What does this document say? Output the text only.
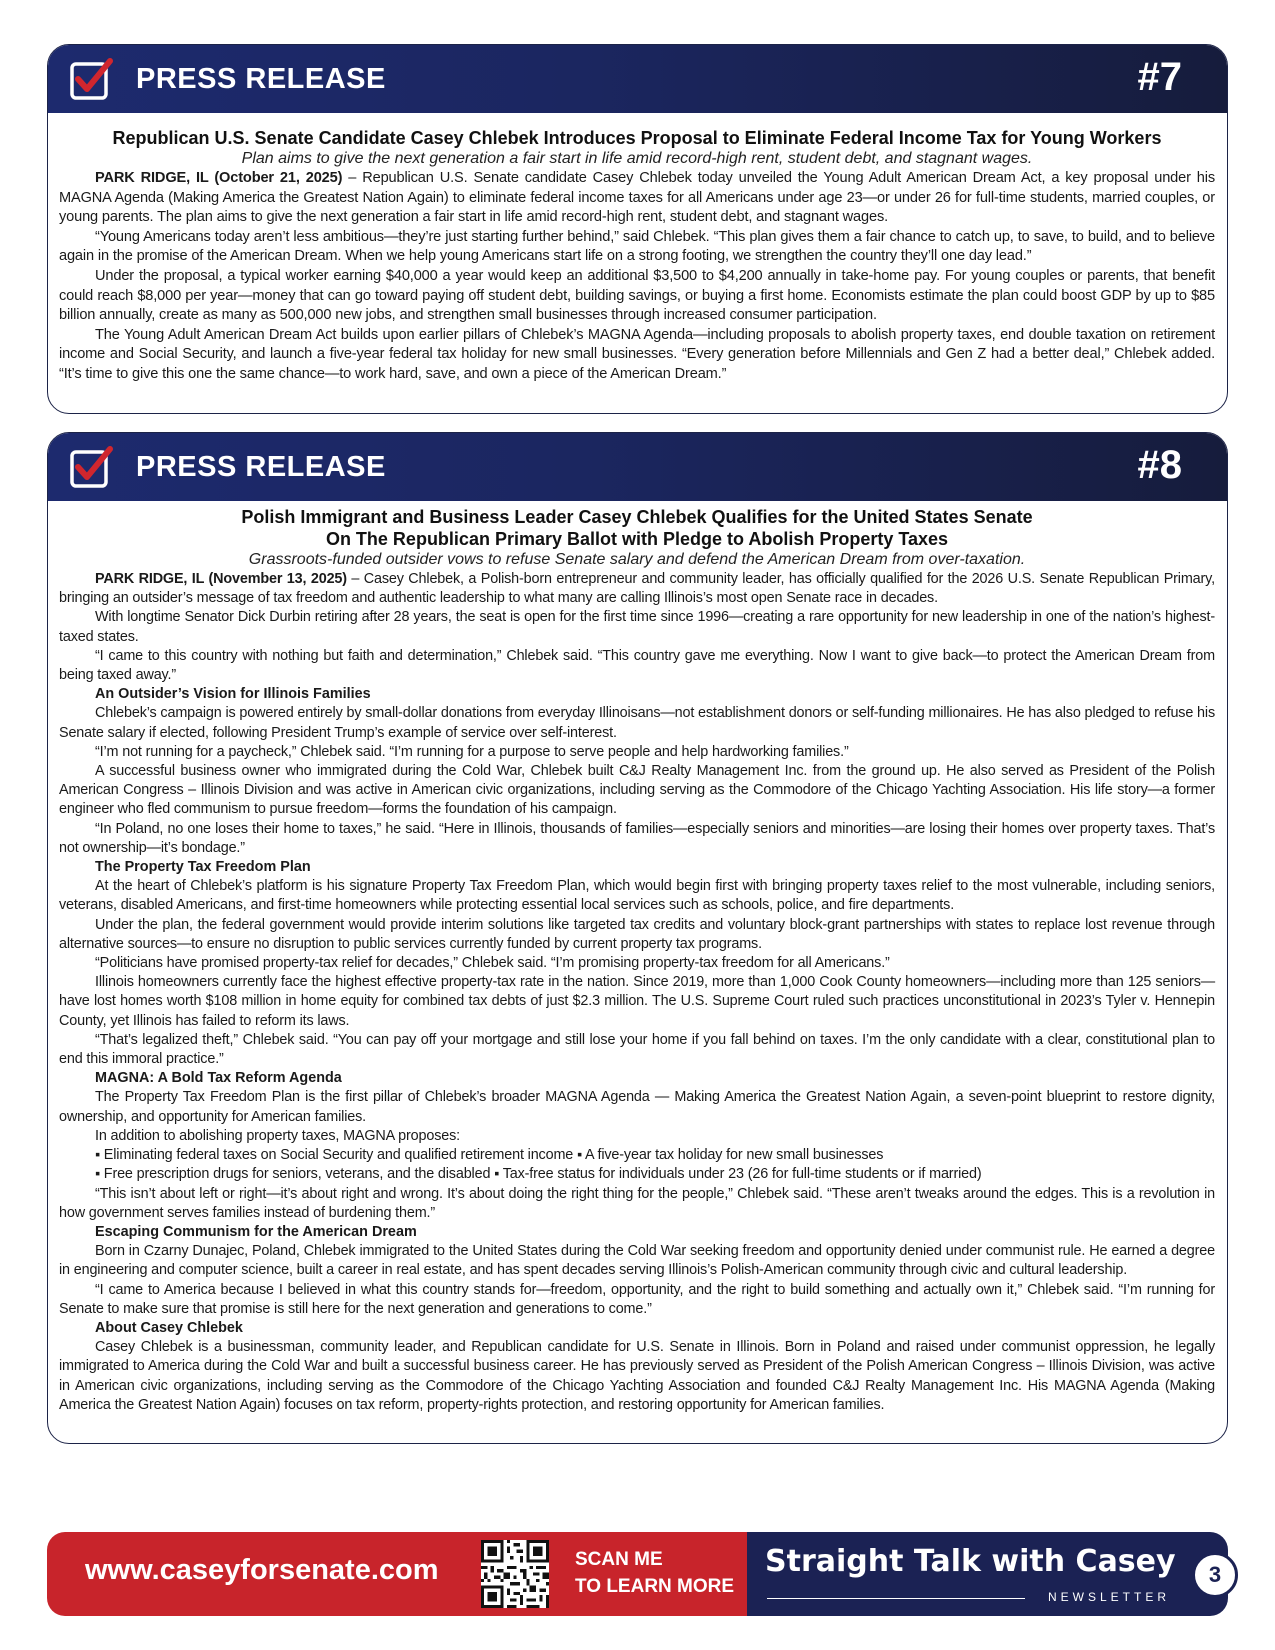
PRESS RELEASE	#7
Republican U.S. Senate Candidate Casey Chlebek Introduces Proposal to Eliminate Federal Income Tax for Young Workers
Plan aims to give the next generation a fair start in life amid record-high rent, student debt, and stagnant wages.

PARK RIDGE, IL (October 21, 2025) – Republican U.S. Senate candidate Casey Chlebek today unveiled the Young Adult American Dream Act, a key proposal under his MAGNA Agenda (Making America the Greatest Nation Again) to eliminate federal income taxes for all Americans under age 23—or under 26 for full-time students, married couples, or young parents. The plan aims to give the next generation a fair start in life amid record-high rent, student debt, and stagnant wages.

“Young Americans today aren’t less ambitious—they’re just starting further behind,” said Chlebek. “This plan gives them a fair chance to catch up, to save, to build, and to believe again in the promise of the American Dream. When we help young Americans start life on a strong footing, we strengthen the country they’ll one day lead.”

Under the proposal, a typical worker earning $40,000 a year would keep an additional $3,500 to $4,200 annually in take-home pay. For young couples or parents, that benefit could reach $8,000 per year—money that can go toward paying off student debt, building savings, or buying a first home. Economists estimate the plan could boost GDP by up to $85 billion annually, create as many as 500,000 new jobs, and strengthen small businesses through increased consumer participation.

The Young Adult American Dream Act builds upon earlier pillars of Chlebek’s MAGNA Agenda—including proposals to abolish property taxes, end double taxation on retirement income and Social Security, and launch a five-year federal tax holiday for new small businesses. “Every generation before Millennials and Gen Z had a better deal,” Chlebek added. “It’s time to give this one the same chance—to work hard, save, and own a piece of the American Dream.”

PRESS RELEASE	#8
Polish Immigrant and Business Leader Casey Chlebek Qualifies for the United States Senate
On The Republican Primary Ballot with Pledge to Abolish Property Taxes
Grassroots-funded outsider vows to refuse Senate salary and defend the American Dream from over-taxation.

PARK RIDGE, IL (November 13, 2025) – Casey Chlebek, a Polish-born entrepreneur and community leader, has officially qualified for the 2026 U.S. Senate Republican Primary, bringing an outsider’s message of tax freedom and authentic leadership to what many are calling Illinois’s most open Senate race in decades.

With longtime Senator Dick Durbin retiring after 28 years, the seat is open for the first time since 1996—creating a rare opportunity for new leadership in one of the nation’s highest-taxed states.

“I came to this country with nothing but faith and determination,” Chlebek said. “This country gave me everything. Now I want to give back—to protect the American Dream from being taxed away.”

An Outsider’s Vision for Illinois Families

Chlebek’s campaign is powered entirely by small-dollar donations from everyday Illinoisans—not establishment donors or self-funding millionaires. He has also pledged to refuse his Senate salary if elected, following President Trump’s example of service over self-interest.

“I’m not running for a paycheck,” Chlebek said. “I’m running for a purpose to serve people and help hardworking families.”

A successful business owner who immigrated during the Cold War, Chlebek built C&J Realty Management Inc. from the ground up. He also served as President of the Polish American Congress – Illinois Division and was active in American civic organizations, including serving as the Commodore of the Chicago Yachting Association. His life story—a former engineer who fled communism to pursue freedom—forms the foundation of his campaign.

“In Poland, no one loses their home to taxes,” he said. “Here in Illinois, thousands of families—especially seniors and minorities—are losing their homes over property taxes. That’s not ownership—it’s bondage.”

The Property Tax Freedom Plan

At the heart of Chlebek’s platform is his signature Property Tax Freedom Plan, which would begin first with bringing property taxes relief to the most vulnerable, including seniors, veterans, disabled Americans, and first-time homeowners while protecting essential local services such as schools, police, and fire departments.

Under the plan, the federal government would provide interim solutions like targeted tax credits and voluntary block-grant partnerships with states to replace lost revenue through alternative sources—to ensure no disruption to public services currently funded by current property tax programs.

“Politicians have promised property-tax relief for decades,” Chlebek said. “I’m promising property-tax freedom for all Americans.”

Illinois homeowners currently face the highest effective property-tax rate in the nation. Since 2019, more than 1,000 Cook County homeowners—including more than 125 seniors—have lost homes worth $108 million in home equity for combined tax debts of just $2.3 million. The U.S. Supreme Court ruled such practices unconstitutional in 2023’s Tyler v. Hennepin County, yet Illinois has failed to reform its laws.

“That’s legalized theft,” Chlebek said. “You can pay off your mortgage and still lose your home if you fall behind on taxes. I’m the only candidate with a clear, constitutional plan to end this immoral practice.”

MAGNA: A Bold Tax Reform Agenda

The Property Tax Freedom Plan is the first pillar of Chlebek’s broader MAGNA Agenda — Making America the Greatest Nation Again, a seven-point blueprint to restore dignity, ownership, and opportunity for American families.

In addition to abolishing property taxes, MAGNA proposes:

▪ Eliminating federal taxes on Social Security and qualified retirement income ▪ A five-year tax holiday for new small businesses
▪ Free prescription drugs for seniors, veterans, and the disabled ▪ Tax-free status for individuals under 23 (26 for full-time students or if married)

“This isn’t about left or right—it’s about right and wrong. It’s about doing the right thing for the people,” Chlebek said. “These aren’t tweaks around the edges. This is a revolution in how government serves families instead of burdening them.”

Escaping Communism for the American Dream

Born in Czarny Dunajec, Poland, Chlebek immigrated to the United States during the Cold War seeking freedom and opportunity denied under communist rule. He earned a degree in engineering and computer science, built a career in real estate, and has spent decades serving Illinois’s Polish-American community through civic and cultural leadership.

“I came to America because I believed in what this country stands for—freedom, opportunity, and the right to build something and actually own it,” Chlebek said. “I’m running for Senate to make sure that promise is still here for the next generation and generations to come.”

About Casey Chlebek

Casey Chlebek is a businessman, community leader, and Republican candidate for U.S. Senate in Illinois. Born in Poland and raised under communist oppression, he legally immigrated to America during the Cold War and built a successful business career. He has previously served as President of the Polish American Congress – Illinois Division, was active in American civic organizations, including serving as the Commodore of the Chicago Yachting Association and founded C&J Realty Management Inc. His MAGNA Agenda (Making America the Greatest Nation Again) focuses on tax reform, property-rights protection, and restoring opportunity for American families.

www.caseyforsenate.com	SCAN ME
TO LEARN MORE
Straight Talk with Casey
NEWSLETTER
3
